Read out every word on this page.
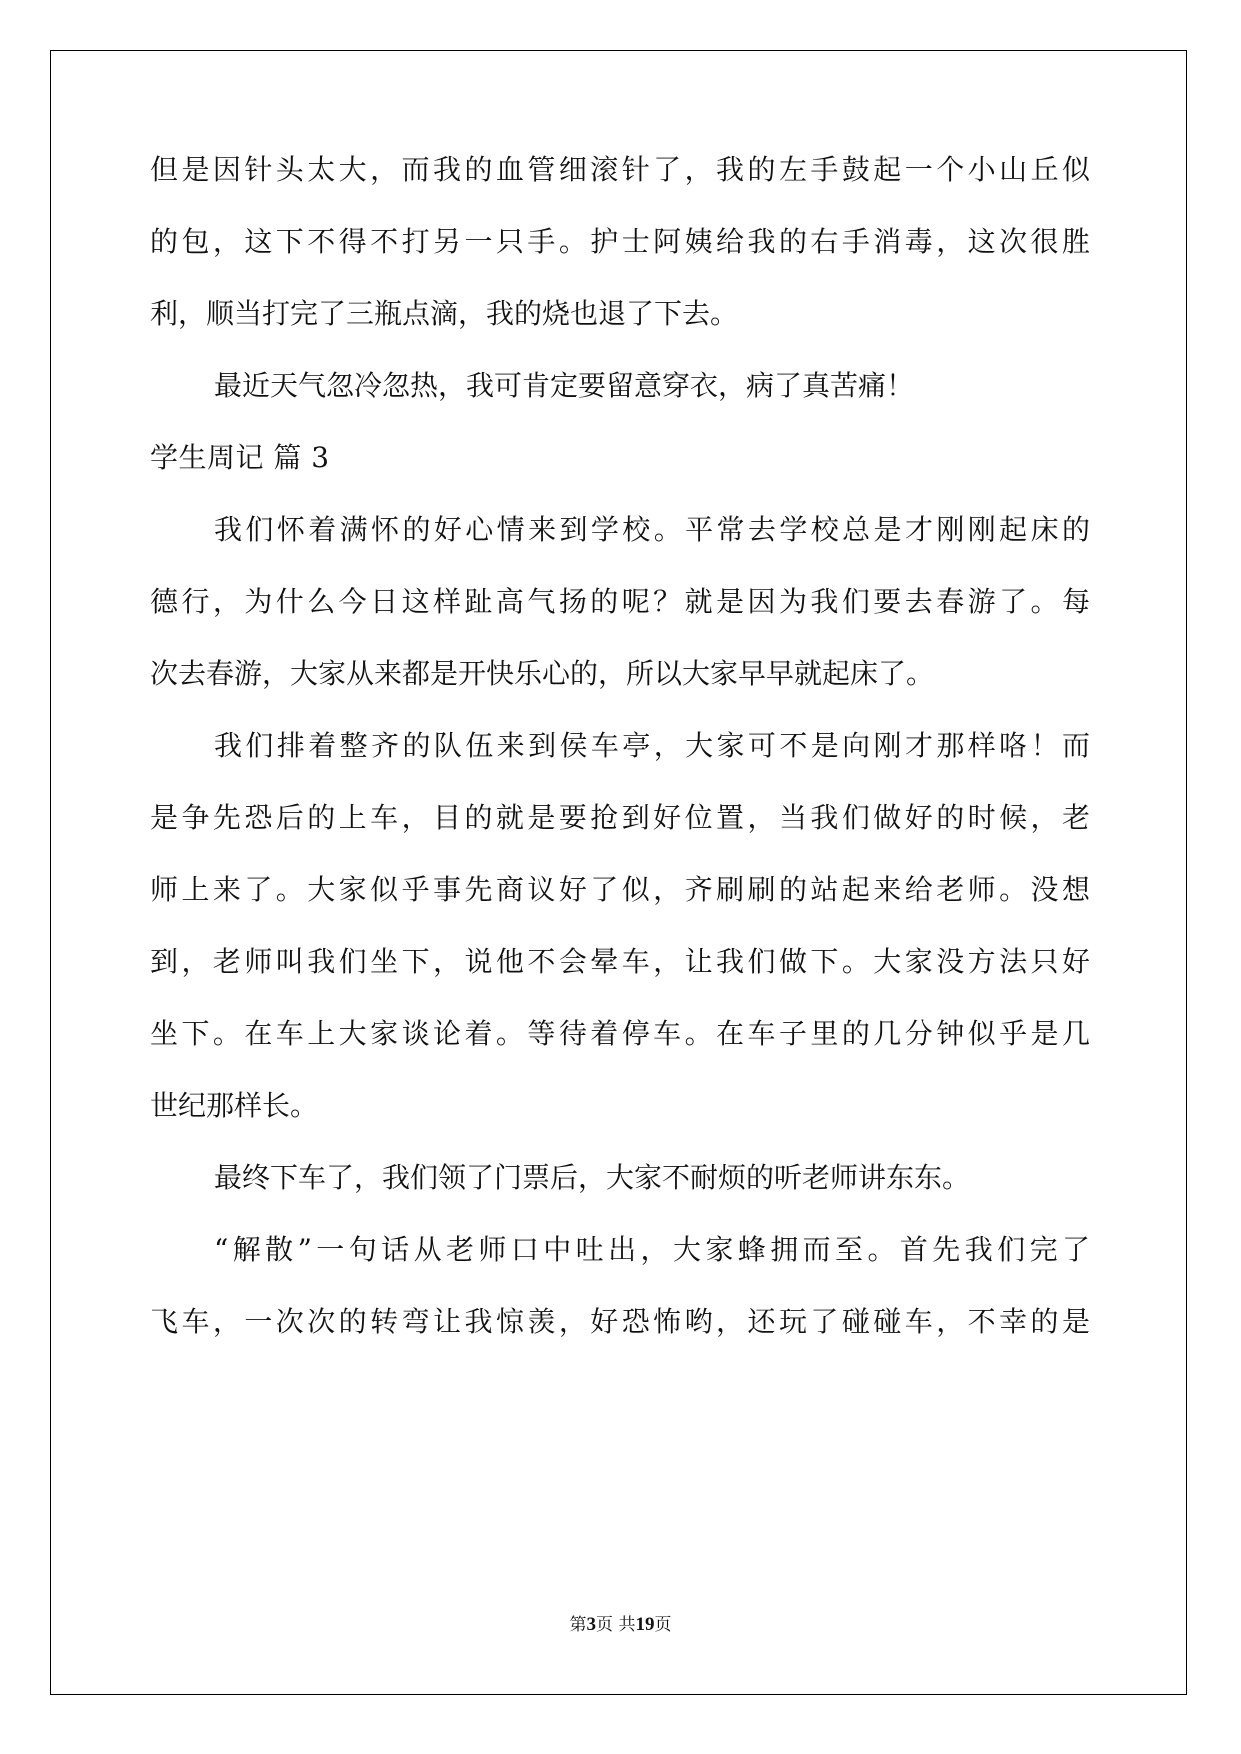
但是因针头太大，而我的血管细滚针了，我的左手鼓起一个小山丘似
的包，这下不得不打另一只手。护士阿姨给我的右手消毒，这次很胜
利，顺当打完了三瓶点滴，我的烧也退了下去。
最近天气忽冷忽热，我可肯定要留意穿衣，病了真苦痛！
学生周记 篇 3
我们怀着满怀的好心情来到学校。平常去学校总是才刚刚起床的
德行，为什么今日这样趾高气扬的呢？就是因为我们要去春游了。每
次去春游，大家从来都是开快乐心的，所以大家早早就起床了。
我们排着整齐的队伍来到侯车亭，大家可不是向刚才那样咯！而
是争先恐后的上车，目的就是要抢到好位置，当我们做好的时候，老
师上来了。大家似乎事先商议好了似，齐刷刷的站起来给老师。没想
到，老师叫我们坐下，说他不会晕车，让我们做下。大家没方法只好
坐下。在车上大家谈论着。等待着停车。在车子里的几分钟似乎是几
世纪那样长。
最终下车了，我们领了门票后，大家不耐烦的听老师讲东东。
“解散”一句话从老师口中吐出，大家蜂拥而至。首先我们完了
飞车，一次次的转弯让我惊羡，好恐怖哟，还玩了碰碰车，不幸的是
第3页 共19页
